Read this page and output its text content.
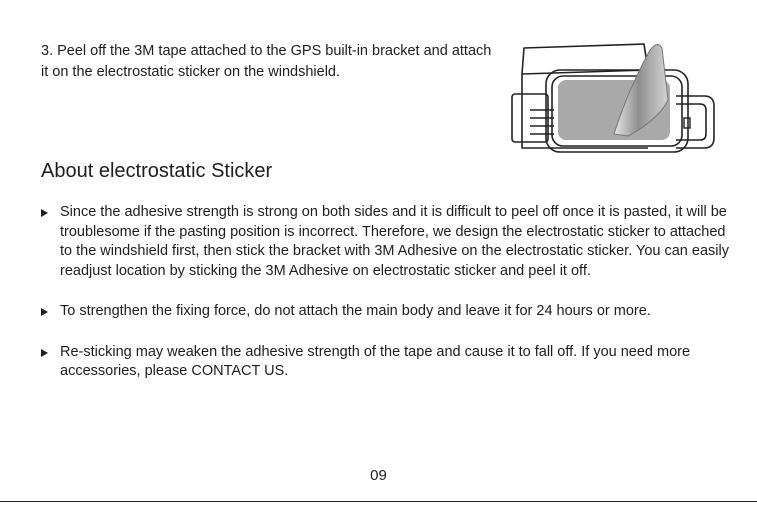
3. Peel off the 3M tape attached to the GPS built-in bracket and attach it on the electrostatic sticker on the windshield.

About electrostatic Sticker
Since the adhesive strength is strong on both sides and it is difficult to peel off once it is pasted, it will be troublesome if the pasting position is incorrect. Therefore, we design the electrostatic sticker to attached to the windshield first, then stick the bracket with 3M Adhesive on the electrostatic sticker. You can easily readjust location by sticking the 3M Adhesive on electrostatic sticker and peel it off.
To strengthen the fixing force, do not attach the main body and leave it for 24 hours or more.
Re-sticking may weaken the adhesive strength of the tape and cause it to fall off. If you need more accessories, please CONTACT US.
09
